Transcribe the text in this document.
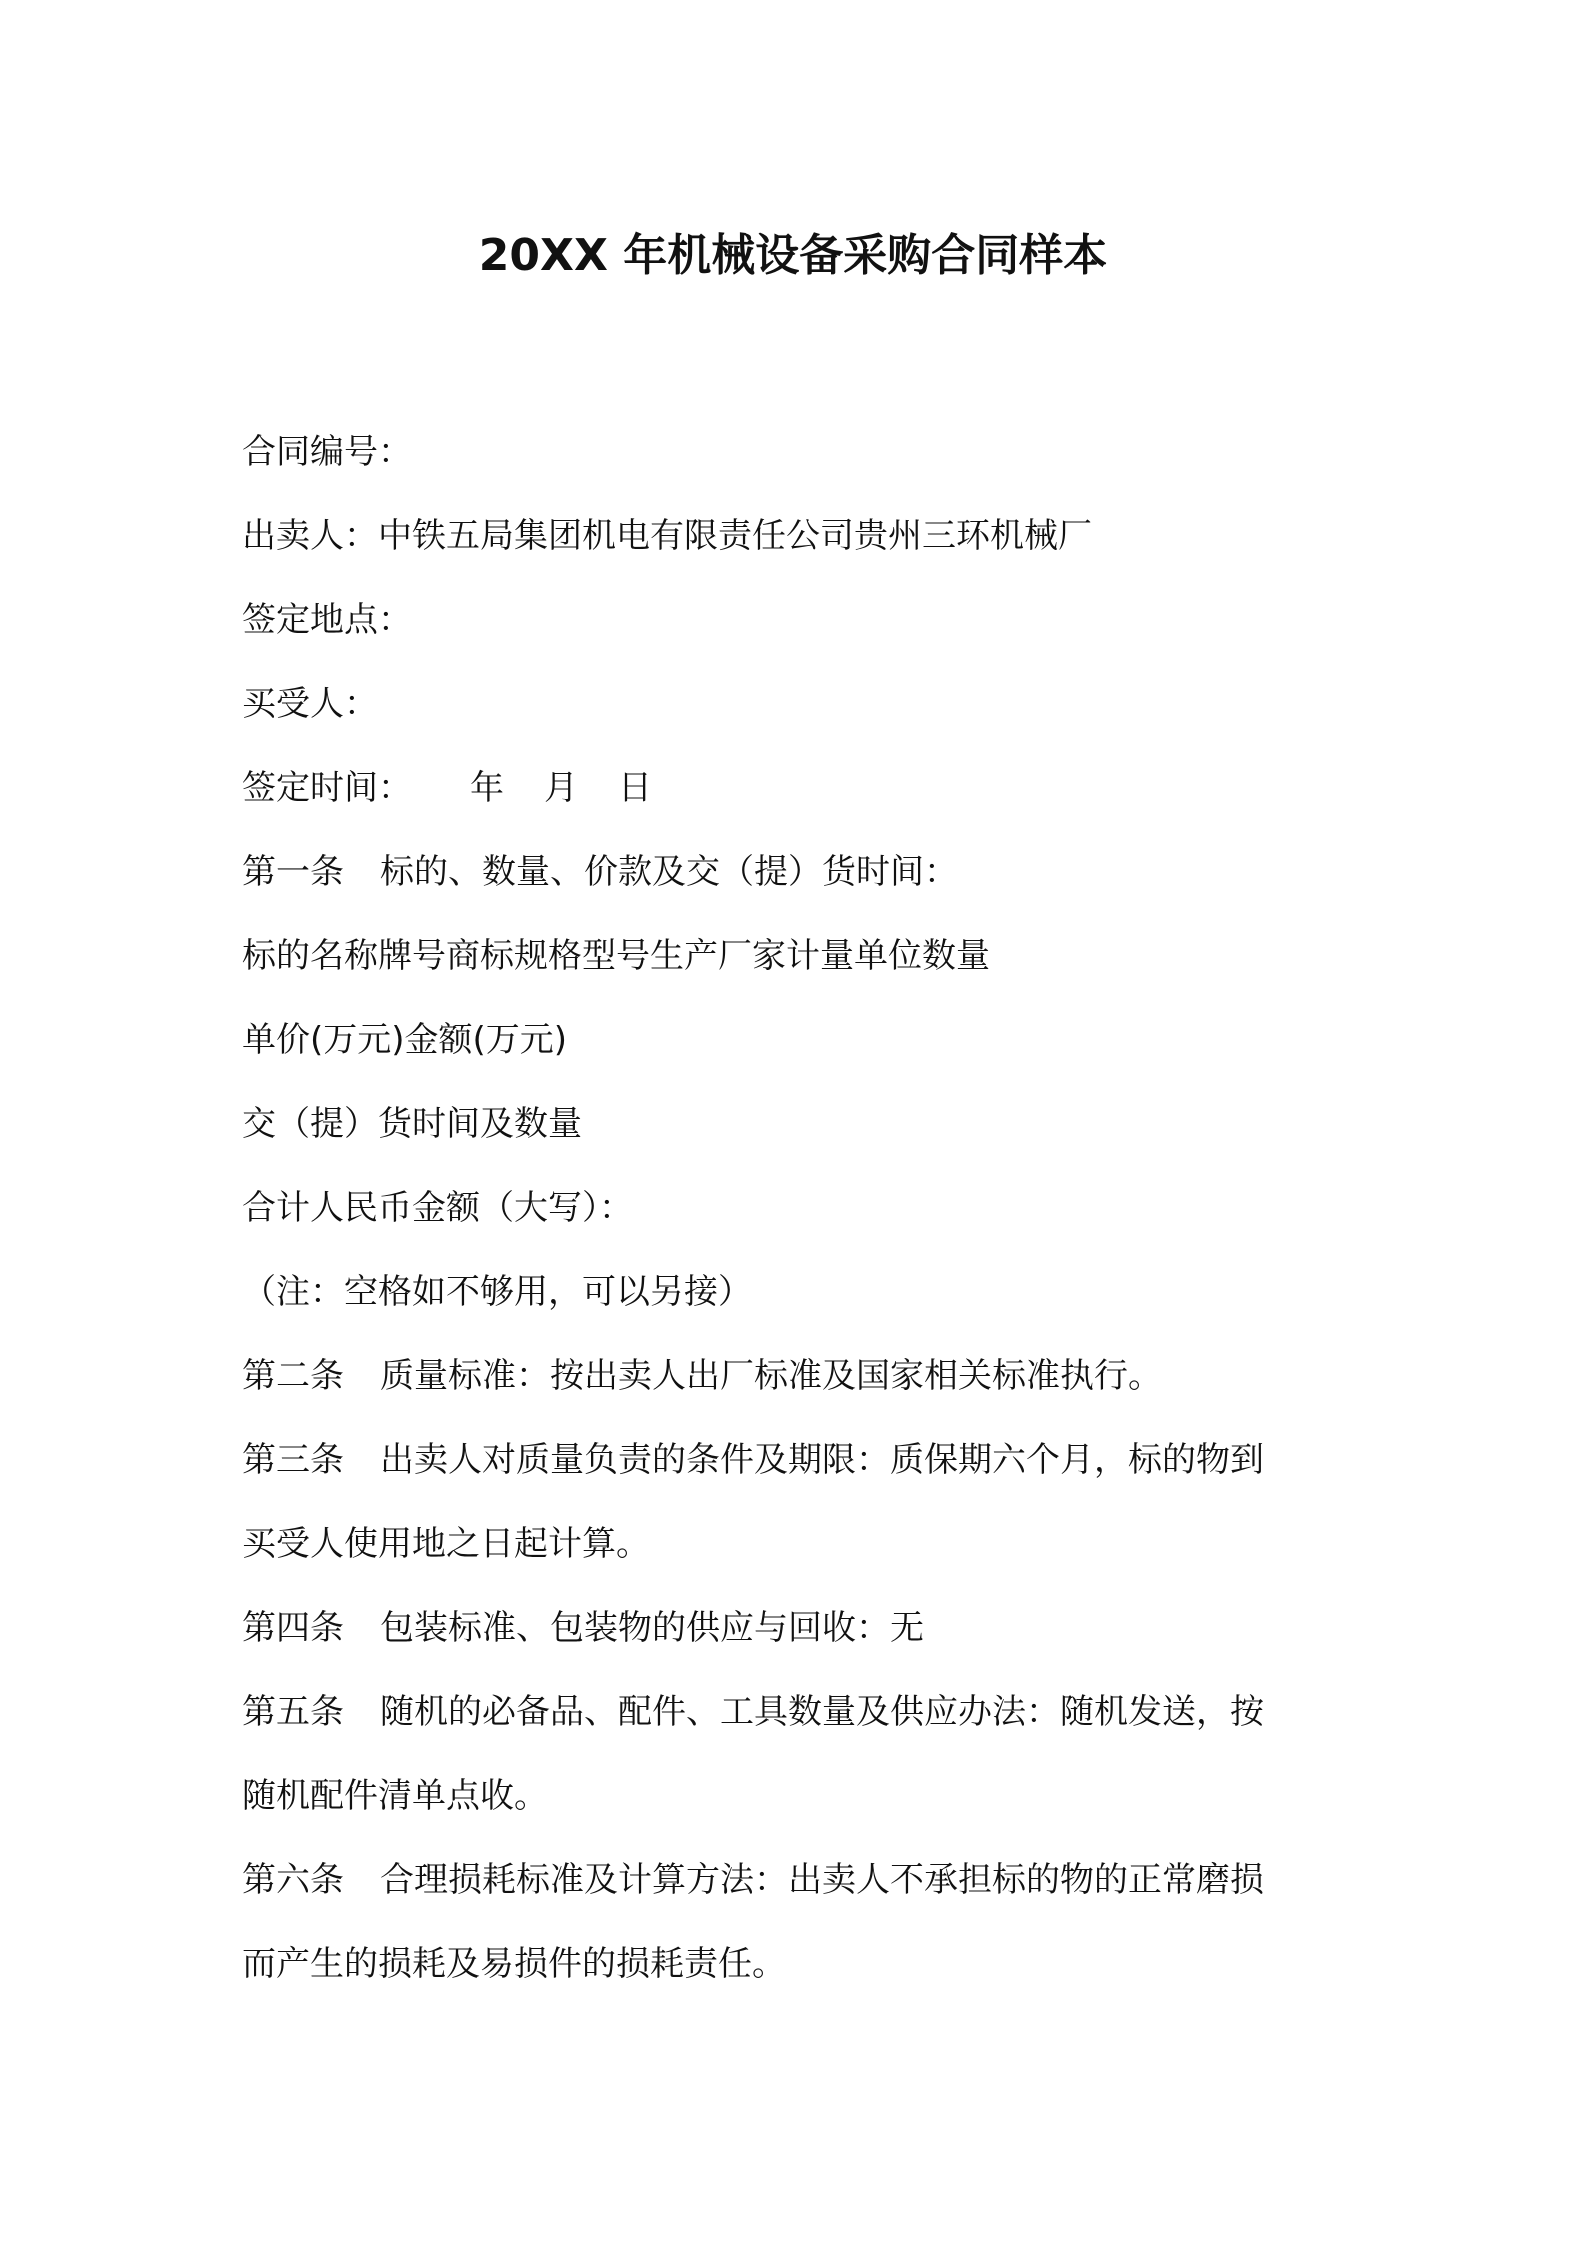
20XX 年机械设备采购合同样本
合同编号：
出卖人：中铁五局集团机电有限责任公司贵州三环机械厂
签定地点：
买受人：
签定时间： 年 月 日
第一条 标的、数量、价款及交（提）货时间：
标的名称牌号商标规格型号生产厂家计量单位数量
单价(万元)金额(万元)
交（提）货时间及数量
合计人民币金额（大写）：
（注：空格如不够用，可以另接）
第二条 质量标准：按出卖人出厂标准及国家相关标准执行。
第三条 出卖人对质量负责的条件及期限：质保期六个月，标的物到
买受人使用地之日起计算。
第四条 包装标准、包装物的供应与回收：无
第五条 随机的必备品、配件、工具数量及供应办法：随机发送，按
随机配件清单点收。
第六条 合理损耗标准及计算方法：出卖人不承担标的物的正常磨损
而产生的损耗及易损件的损耗责任。
